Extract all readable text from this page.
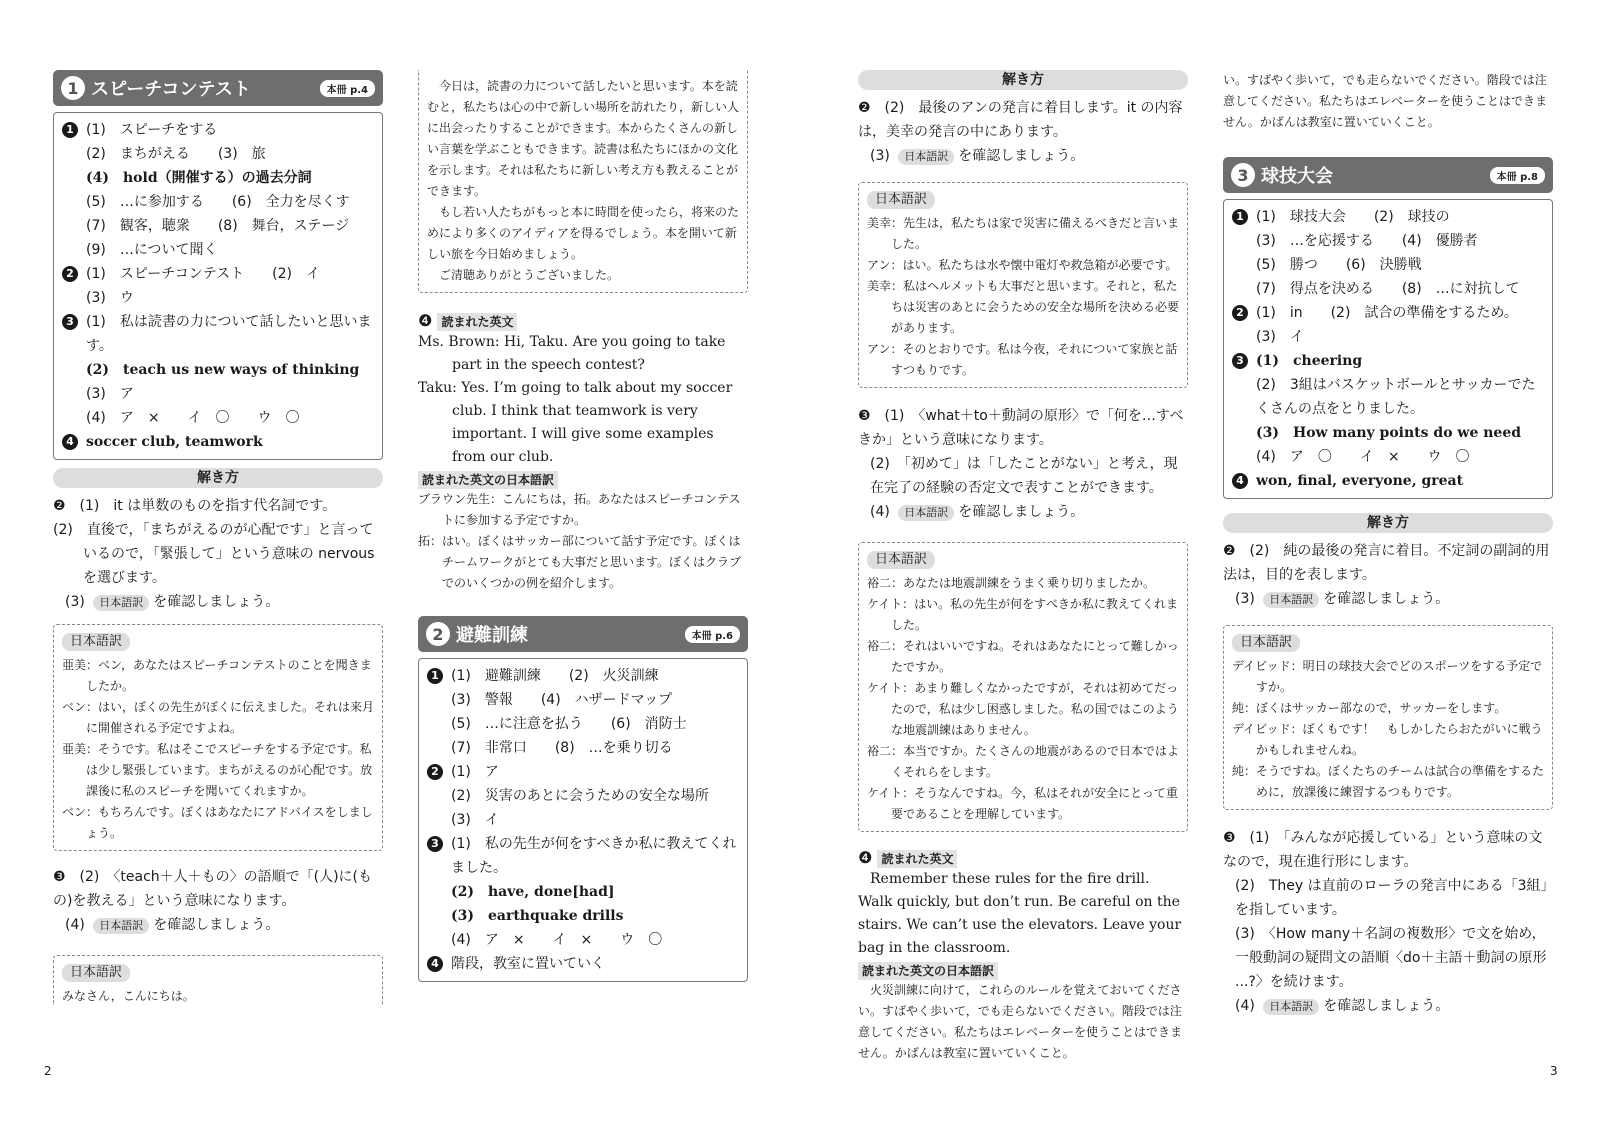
1 スピーチコンテスト	本冊 p.4
1 (1)　スピーチをする
(2)　まちがえる　　(3)　旅
(4)　hold（開催する）の過去分詞
(5)　…に参加する　　(6)　全力を尽くす
(7)　観客，聴衆　　(8)　舞台，ステージ
(9)　…について聞く
2 (1)　スピーチコンテスト　　(2)　イ
(3)　ウ
3 (1)　私は読書の力について話したいと思います。
(2)　teach us new ways of thinking
(3)　ア
(4)　ア　×　　イ　〇　　ウ　〇
4 soccer club, teamwork
解き方
❷　(1)　it は単数のものを指す代名詞です。
(2)　直後で，「まちがえるのが心配です」と言っているので，「緊張して」という意味の nervous を選びます。
(3) 日本語訳 を確認しましょう。
日本語訳
亜美：ベン，あなたはスピーチコンテストのことを聞きましたか。
ベン：はい，ぼくの先生がぼくに伝えました。それは来月に開催される予定ですよね。
亜美：そうです。私はそこでスピーチをする予定です。私は少し緊張しています。まちがえるのが心配です。放課後に私のスピーチを聞いてくれますか。
ベン：もちろんです。ぼくはあなたにアドバイスをしましょう。
❸　(2)　〈teach＋人＋もの〉の語順で「(人)に(もの)を教える」という意味になります。
(4) 日本語訳 を確認しましょう。
日本語訳
みなさん，こんにちは。
今日は，読書の力について話したいと思います。本を読むと，私たちは心の中で新しい場所を訪れたり，新しい人に出会ったりすることができます。本からたくさんの新しい言葉を学ぶこともできます。読書は私たちにほかの文化を示します。それは私たちに新しい考え方も教えることができます。
もし若い人たちがもっと本に時間を使ったら，将来のためにより多くのアイディアを得るでしょう。本を開いて新しい旅を今日始めましょう。
ご清聴ありがとうございました。
❹ 読まれた英文
Ms. Brown: Hi, Taku. Are you going to take part in the speech contest?
Taku: Yes. I’m going to talk about my soccer club. I think that teamwork is very important. I will give some examples from our club.
読まれた英文の日本語訳
ブラウン先生：こんにちは，拓。あなたはスピーチコンテストに参加する予定ですか。
拓：はい。ぼくはサッカー部について話す予定です。ぼくはチームワークがとても大事だと思います。ぼくはクラブでのいくつかの例を紹介します。
2 避難訓練	本冊 p.6
1 (1)　避難訓練　　(2)　火災訓練
(3)　警報　　(4)　ハザードマップ
(5)　…に注意を払う　　(6)　消防士
(7)　非常口　　(8)　…を乗り切る
2 (1)　ア
(2)　災害のあとに会うための安全な場所
(3)　イ
3 (1)　私の先生が何をすべきか私に教えてくれました。
(2)　have, done[had]
(3)　earthquake drills
(4)　ア　×　　イ　×　　ウ　〇
4 階段，教室に置いていく
解き方
❷　(2)　最後のアンの発言に着目します。it の内容は，美幸の発言の中にあります。
(3) 日本語訳 を確認しましょう。
日本語訳
美幸：先生は，私たちは家で災害に備えるべきだと言いました。
アン：はい。私たちは水や懐中電灯や救急箱が必要です。
美幸：私はヘルメットも大事だと思います。それと，私たちは災害のあとに会うための安全な場所を決める必要があります。
アン：そのとおりです。私は今夜，それについて家族と話すつもりです。
❸　(1)　〈what＋to＋動詞の原形〉で「何を…すべきか」という意味になります。
(2)　「初めて」は「したことがない」と考え，現在完了の経験の否定文で表すことができます。
(4) 日本語訳 を確認しましょう。
日本語訳
裕二：あなたは地震訓練をうまく乗り切りましたか。
ケイト：はい。私の先生が何をすべきか私に教えてくれました。
裕二：それはいいですね。それはあなたにとって難しかったですか。
ケイト：あまり難しくなかったですが，それは初めてだったので，私は少し困惑しました。私の国ではこのような地震訓練はありません。
裕二：本当ですか。たくさんの地震があるので日本ではよくそれらをします。
ケイト：そうなんですね。今，私はそれが安全にとって重要であることを理解しています。
❹ 読まれた英文
Remember these rules for the fire drill. Walk quickly, but don’t run. Be careful on the stairs. We can’t use the elevators. Leave your bag in the classroom.
読まれた英文の日本語訳
火災訓練に向けて，これらのルールを覚えておいてください。すばやく歩いて，でも走らないでください。階段では注意してください。私たちはエレベーターを使うことはできません。かばんは教室に置いていくこと。
い。すばやく歩いて，でも走らないでください。階段では注意してください。私たちはエレベーターを使うことはできません。かばんは教室に置いていくこと。
3 球技大会	本冊 p.8
1 (1)　球技大会　　(2)　球技の
(3)　…を応援する　　(4)　優勝者
(5)　勝つ　　(6)　決勝戦
(7)　得点を決める　　(8)　…に対抗して
2 (1)　in　　(2)　試合の準備をするため。
(3)　イ
3 (1)　cheering
(2)　3組はバスケットボールとサッカーでたくさんの点をとりました。
(3)　How many points do we need
(4)　ア　〇　　イ　×　　ウ　〇
4 won, final, everyone, great
解き方
❷　(2)　純の最後の発言に着目。不定詞の副詞的用法は，目的を表します。
(3) 日本語訳 を確認しましょう。
日本語訳
デイビッド：明日の球技大会でどのスポーツをする予定ですか。
純：ぼくはサッカー部なので，サッカーをします。
デイビッド：ぼくもです！　もしかしたらおたがいに戦うかもしれませんね。
純：そうですね。ぼくたちのチームは試合の準備をするために，放課後に練習するつもりです。
❸　(1)　「みんなが応援している」という意味の文なので，現在進行形にします。
(2)　They は直前のローラの発言中にある「3組」を指しています。
(3)　〈How many＋名詞の複数形〉で文を始め，一般動詞の疑問文の語順〈do＋主語＋動詞の原形 ...?〉を続けます。
(4) 日本語訳 を確認しましょう。
2	3
